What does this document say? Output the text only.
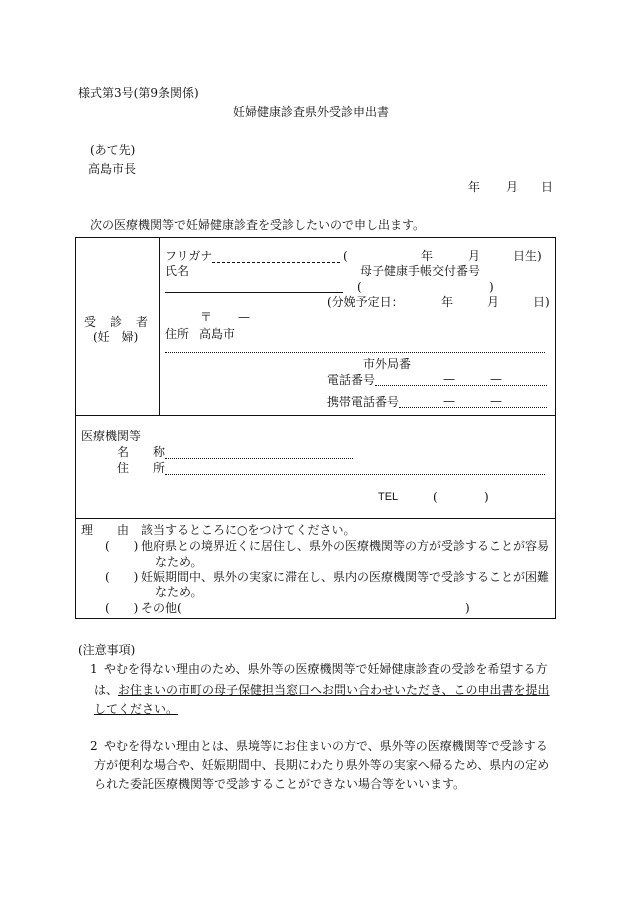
様式第3号(第9条関係)
妊婦健康診査県外受診申出書
(あて先)
高島市長
年 月 日
次の医療機関等で妊婦健康診査を受診したいので申し出ます。
受　診　者
(妊　婦)
フリガナ	(	年	月	日生)
氏名	母子健康手帳交付番号
(	)
(分娩予定日：	年	月	日)
〒 —
住所 高島市
市外局番
電話番号	—	—
携帯電話番号	—	—
医療機関等
名　　称
住　　所
TEL	(	)
理　　由 該当するところに○をつけてください。
(　　) 他府県との境界近くに居住し、県外の医療機関等の方が受診することが容易
なため。
(　　) 妊娠期間中、県外の実家に滞在し、県内の医療機関等で受診することが困難
なため。
(　　) その他(	)
(注意事項)
1 やむを得ない理由のため、県外等の医療機関等で妊婦健康診査の受診を希望する方
は、 お住まいの市町の母子保健担当窓口へお問い合わせいただき、この申出書を提出
してください。
2 やむを得ない理由とは、県境等にお住まいの方で、県外等の医療機関等で受診する
方が便利な場合や、妊娠期間中、長期にわたり県外等の実家へ帰るため、県内の定め
られた委託医療機関等で受診することができない場合等をいいます。
